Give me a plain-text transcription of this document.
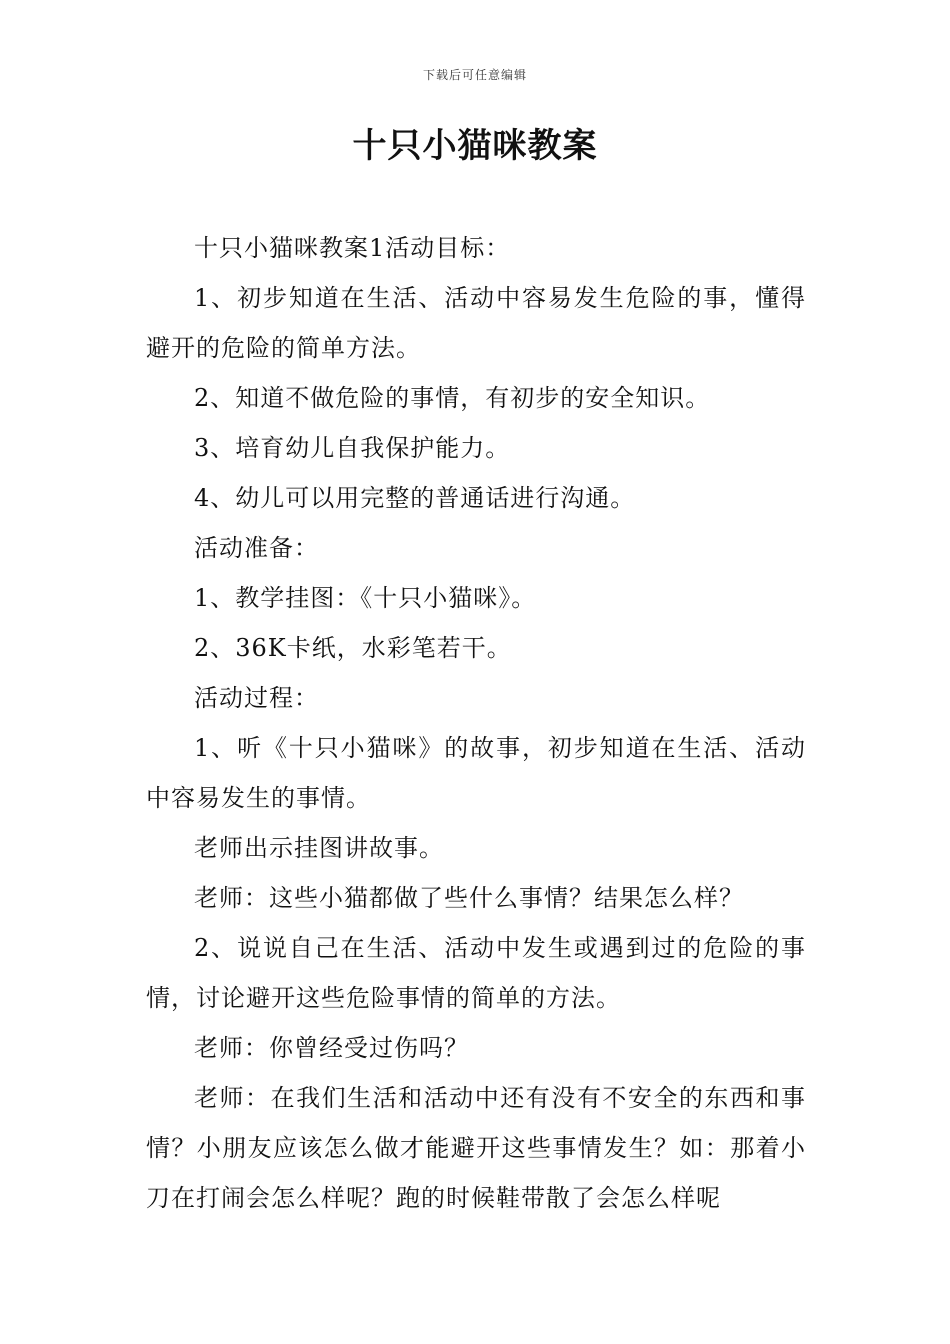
下载后可任意编辑
十只小猫咪教案

十只小猫咪教案1活动目标：

1、初步知道在生活、活动中容易发生危险的事，懂得避开的危险的简单方法。

2、知道不做危险的事情，有初步的安全知识。

3、培育幼儿自我保护能力。

4、幼儿可以用完整的普通话进行沟通。

活动准备：

1、教学挂图：《十只小猫咪》。

2、36K卡纸，水彩笔若干。

活动过程：

1、听《十只小猫咪》的故事，初步知道在生活、活动中容易发生的事情。

老师出示挂图讲故事。

老师：这些小猫都做了些什么事情？结果怎么样？

2、说说自己在生活、活动中发生或遇到过的危险的事情，讨论避开这些危险事情的简单的方法。

老师：你曾经受过伤吗？

老师：在我们生活和活动中还有没有不安全的东西和事情？小朋友应该怎么做才能避开这些事情发生？如：那着小刀在打闹会怎么样呢？跑的时候鞋带散了会怎么样呢
